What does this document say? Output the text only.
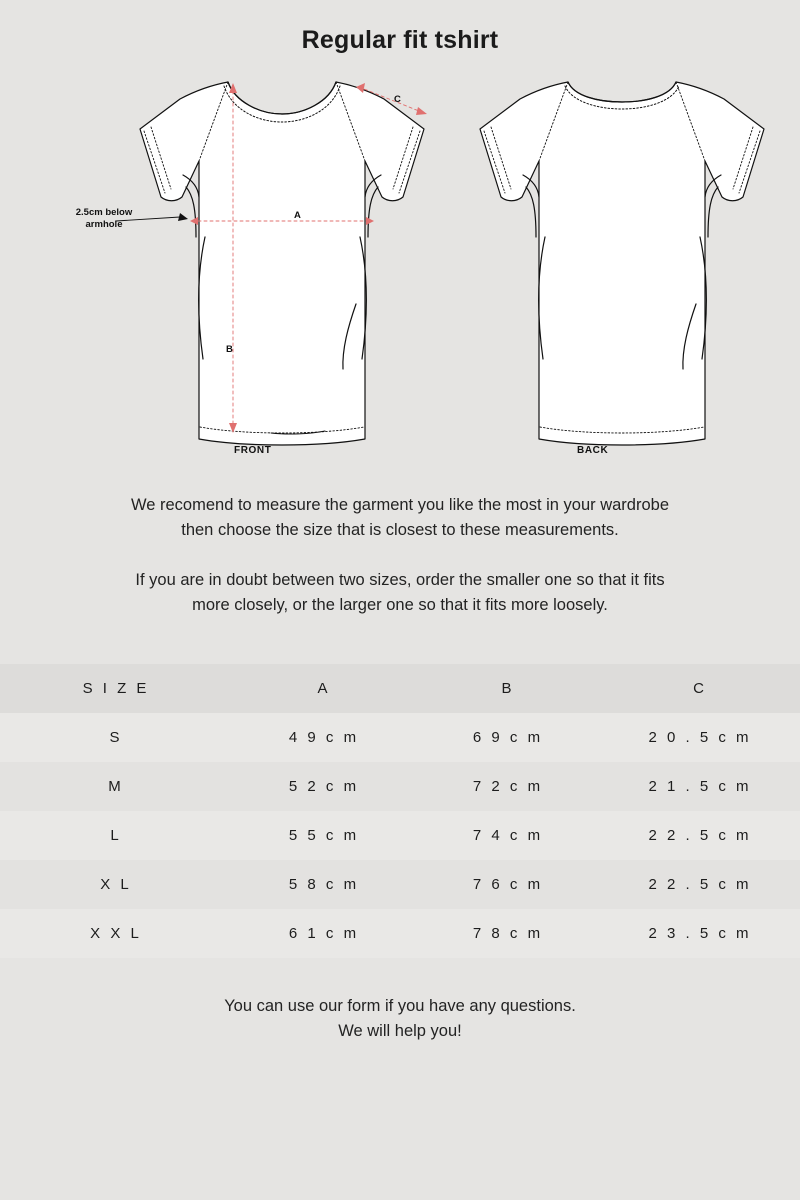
Regular fit tshirt
A
B
C
2.5cm below armhole
FRONT	BACK

We recomend to measure the garment you like the most in your wardrobe then choose the size that is closest to these measurements.

If you are in doubt between two sizes, order the smaller one so that it fits more closely, or the larger one so that it fits more loosely.

S I Z E	A	B	C
S	4 9 c m	6 9 c m	2 0 . 5 c m
M	5 2 c m	7 2 c m	2 1 . 5 c m
L	5 5 c m	7 4 c m	2 2 . 5 c m
X L	5 8 c m	7 6 c m	2 2 . 5 c m
X X L	6 1 c m	7 8 c m	2 3 . 5 c m
You can use our form if you have any questions.
We will help you!
